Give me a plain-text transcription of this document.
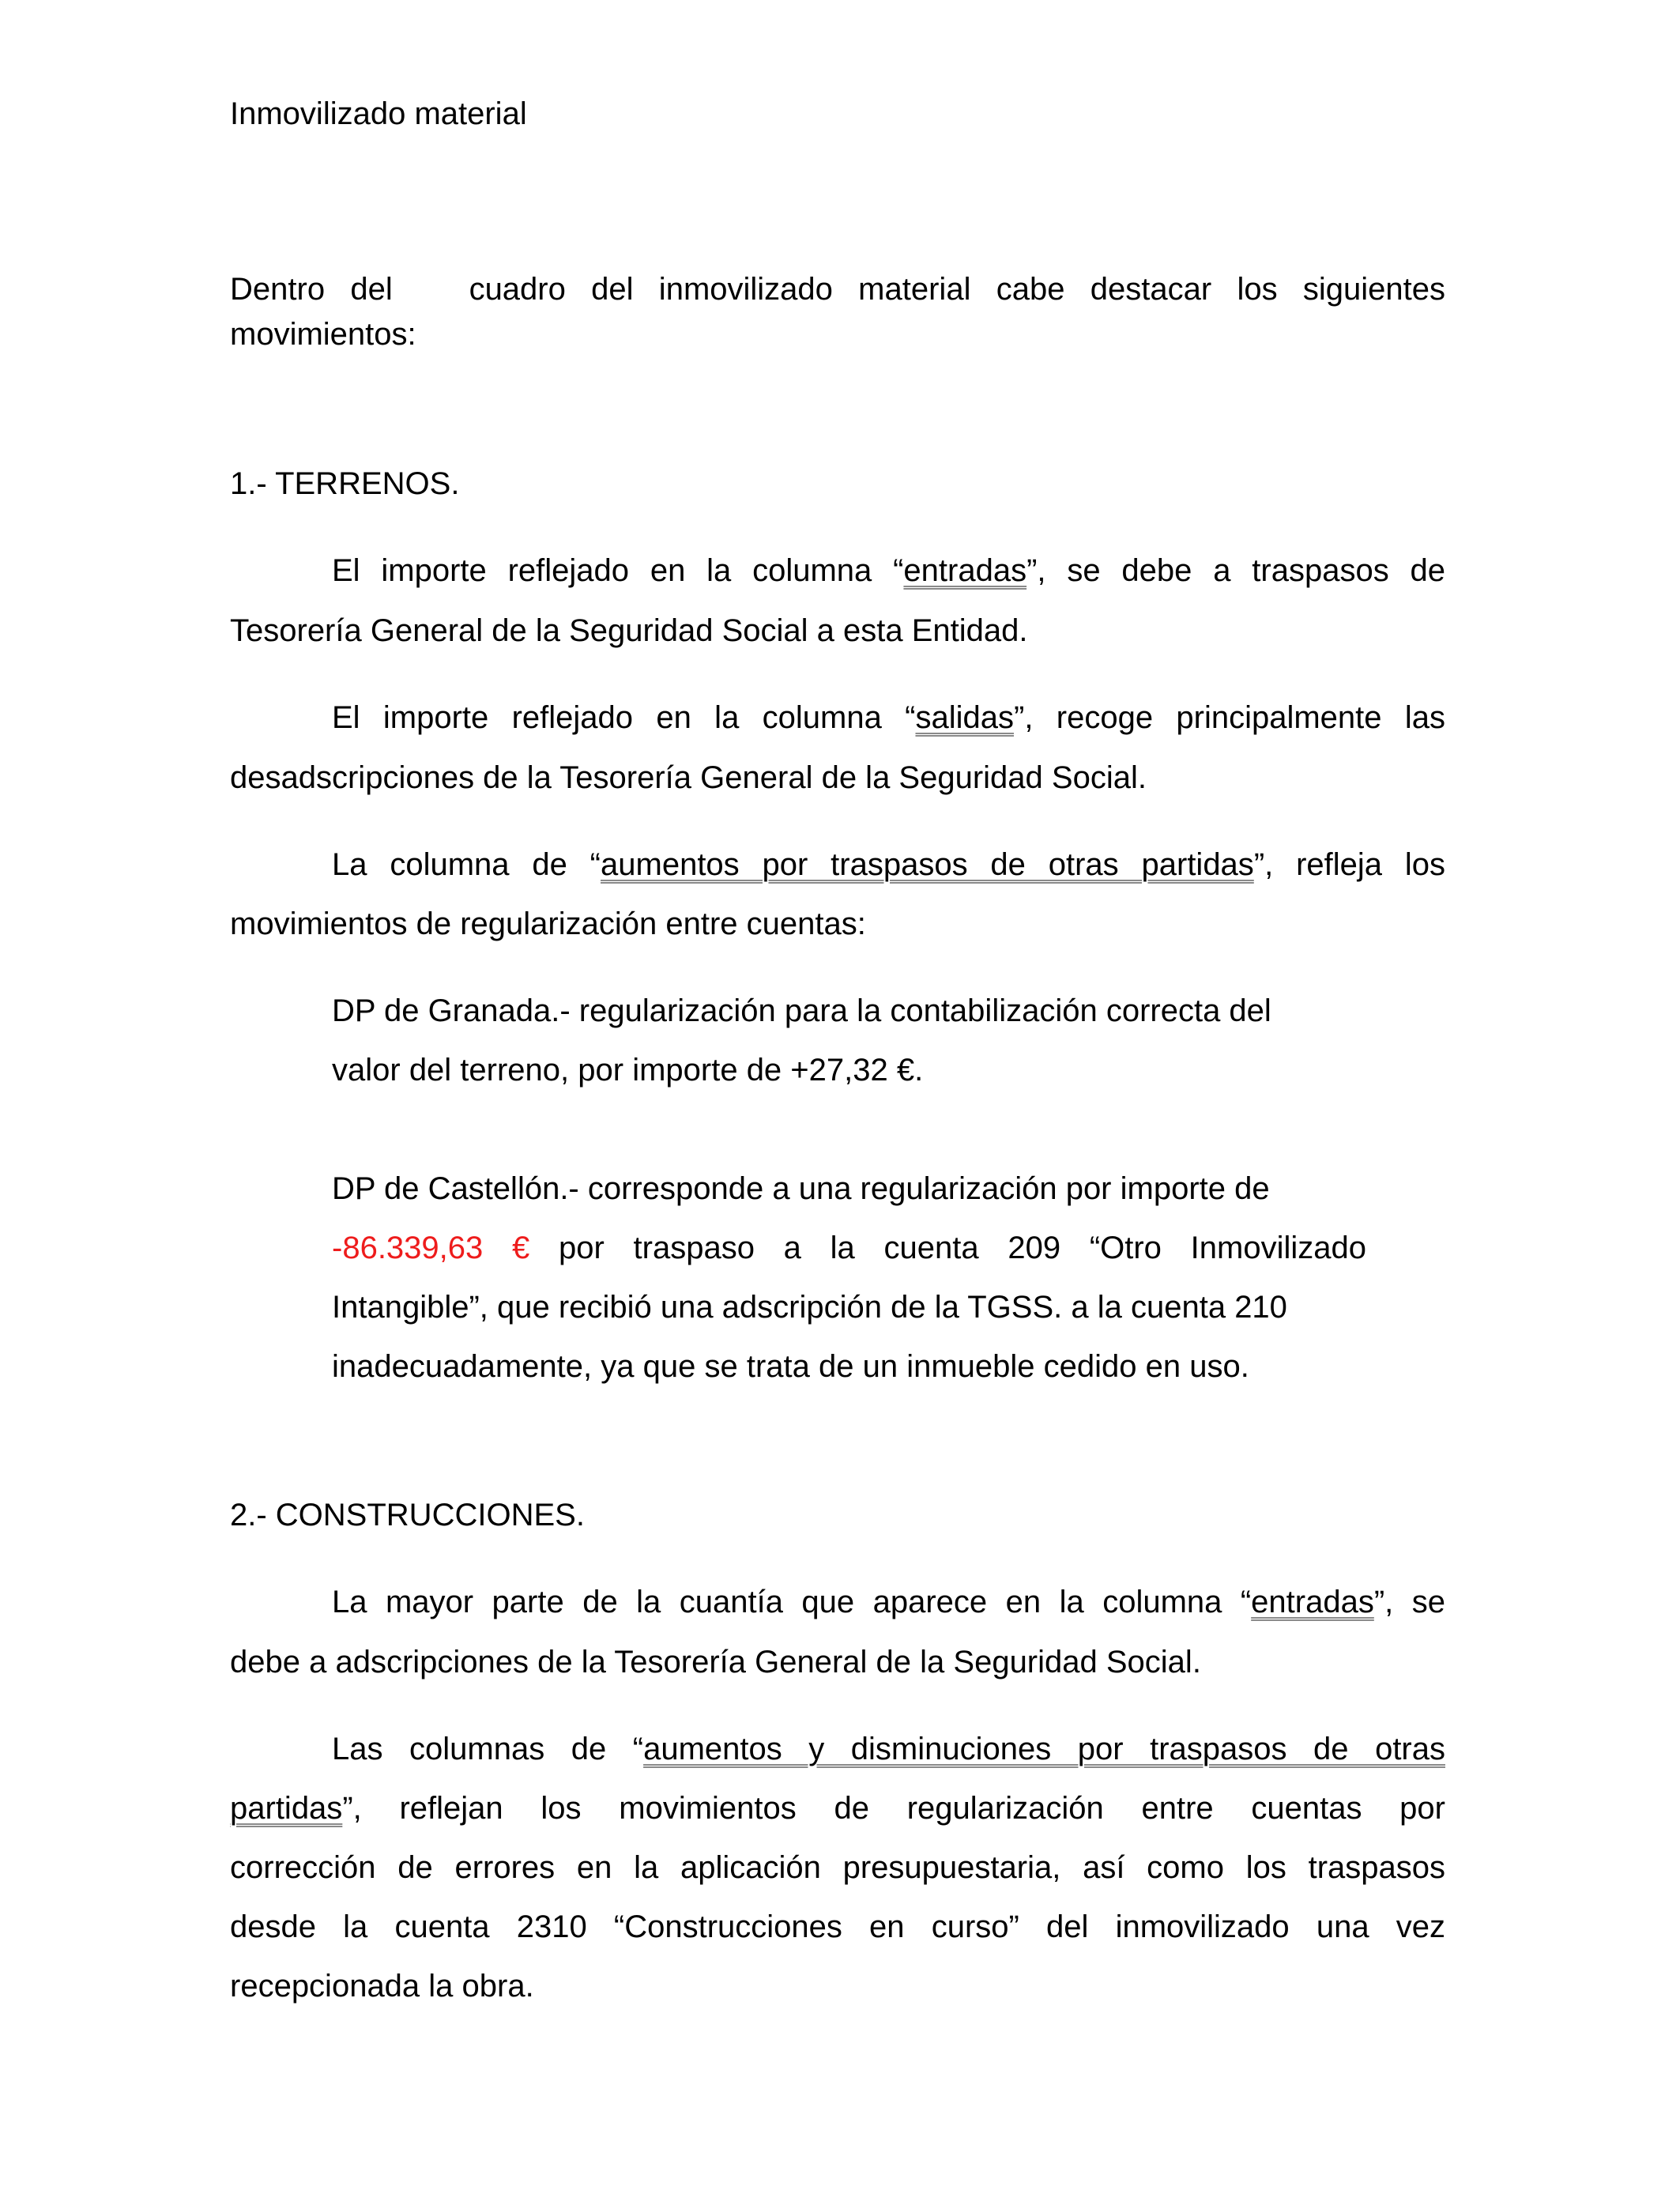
Inmovilizado material
Dentro del cuadro del inmovilizado material cabe destacar los siguientes
movimientos:
1.- TERRENOS.
El importe reflejado en la columna “entradas”, se debe a traspasos de
Tesorería General de la Seguridad Social a esta Entidad.
El importe reflejado en la columna “salidas”, recoge principalmente las
desadscripciones de la Tesorería General de la Seguridad Social.
La columna de “aumentos por traspasos de otras partidas”, refleja los
movimientos de regularización entre cuentas:
DP de Granada.- regularización para la contabilización correcta del
valor del terreno, por importe de +27,32 €.
DP de Castellón.- corresponde a una regularización por importe de
-86.339,63 € por traspaso a la cuenta 209 “Otro Inmovilizado
Intangible”, que recibió una adscripción de la TGSS. a la cuenta 210
inadecuadamente, ya que se trata de un inmueble cedido en uso.
2.- CONSTRUCCIONES.
La mayor parte de la cuantía que aparece en la columna “entradas”, se
debe a adscripciones de la Tesorería General de la Seguridad Social.
Las columnas de “aumentos y disminuciones por traspasos de otras
partidas”, reflejan los movimientos de regularización entre cuentas por
corrección de errores en la aplicación presupuestaria, así como los traspasos
desde la cuenta 2310 “Construcciones en curso” del inmovilizado una vez
recepcionada la obra.
